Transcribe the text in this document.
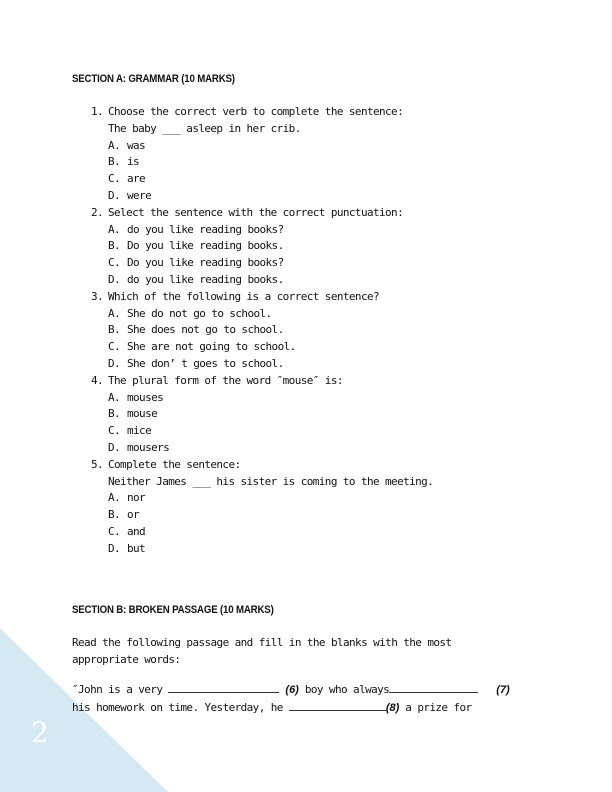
2
SECTION A: GRAMMAR (10 MARKS)
1. Choose the correct verb to complete the sentence:
The baby ___ asleep in her crib.
A. was
B. is
C. are
D. were
2. Select the sentence with the correct punctuation:
A. do you like reading books?
B. Do you like reading books.
C. Do you like reading books?
D. do you like reading books.
3. Which of the following is a correct sentence?
A. She do not go to school.
B. She does not go to school.
C. She are not going to school.
D. She don’ t goes to school.
4. The plural form of the word ″mouse″ is:
A. mouses
B. mouse
C. mice
D. mousers
5. Complete the sentence:
Neither James ___ his sister is coming to the meeting.
A. nor
B. or
C. and
D. but
SECTION B: BROKEN PASSAGE (10 MARKS)
Read the following passage and fill in the blanks with the most
appropriate words:
″John is a very	(6) boy who always	(7)
his homework on time. Yesterday, he	(8) a prize for
